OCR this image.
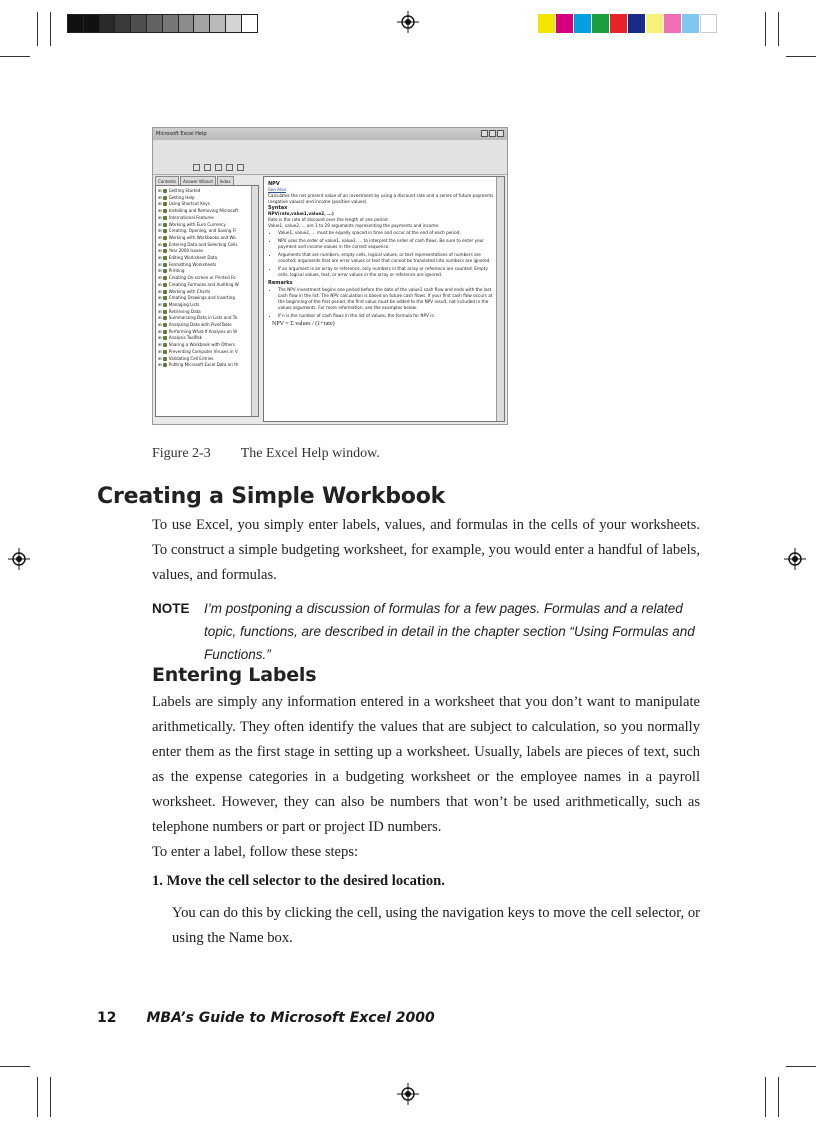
Microsoft Excel Help
Contents	Answer Wizard	Index
⊞ Getting Started
⊞ Getting Help
⊞ Using Shortcut Keys
⊞ Installing and Removing Microsoft
⊞ International Features
⊞ Working with Euro Currency
⊞ Creating, Opening, and Saving Fi
⊞ Working with Workbooks and Wo
⊞ Entering Data and Selecting Cells
⊞ Year 2000 Issues
⊞ Editing Worksheet Data
⊞ Formatting Worksheets
⊞ Printing
⊞ Creating On-screen or Printed Fo
⊞ Creating Formulas and Auditing W
⊞ Working with Charts
⊞ Creating Drawings and Inserting
⊞ Managing Lists
⊞ Retrieving Data
⊞ Summarizing Data in Lists and Ta
⊞ Analyzing Data with PivotTable
⊞ Performing What-If Analysis on W
⊞ Analysis ToolPak
⊞ Sharing a Workbook with Others
⊞ Preventing Computer Viruses in V
⊞ Validating Cell Entries
⊞ Putting Microsoft Excel Data on th
NPV
See Also
Calculates the net present value of an investment by using a discount rate and a series of future payments (negative values) and income (positive values).
Syntax
NPV(rate,value1,value2, ...)
Rate is the rate of discount over the length of one period.
Value1, value2, ... are 1 to 29 arguments representing the payments and income.
• Value1, value2, ... must be equally spaced in time and occur at the end of each period.
• NPV uses the order of value1, value2, ... to interpret the order of cash flows. Be sure to enter your payment and income values in the correct sequence.
• Arguments that are numbers, empty cells, logical values, or text representations of numbers are counted; arguments that are error values or text that cannot be translated into numbers are ignored.
• If an argument is an array or reference, only numbers in that array or reference are counted. Empty cells, logical values, text, or error values in the array or reference are ignored.
Remarks
• The NPV investment begins one period before the date of the value1 cash flow and ends with the last cash flow in the list. The NPV calculation is based on future cash flows. If your first cash flow occurs at the beginning of the first period, the first value must be added to the NPV result, not included in the values arguments. For more information, see the examples below.
• If n is the number of cash flows in the list of values, the formula for NPV is:
NPV = Σ values / (1+rate)
Figure 2-3 The Excel Help window.
Creating a Simple Workbook

To use Excel, you simply enter labels, values, and formulas in the cells of your worksheets. To construct a simple budgeting worksheet, for example, you would enter a handful of labels, values, and formulas.

NOTE I’m postponing a discussion of formulas for a few pages. Formulas and a related topic, functions, are described in detail in the chapter section “Using Formulas and Functions.”
Entering Labels

Labels are simply any information entered in a worksheet that you don’t want to manipulate arithmetically. They often identify the values that are subject to calculation, so you normally enter them as the first stage in setting up a worksheet. Usually, labels are pieces of text, such as the expense categories in a budgeting worksheet or the employee names in a payroll worksheet. However, they can also be numbers that won’t be used arithmetically, such as telephone numbers or part or project ID numbers.

To enter a label, follow these steps:

1. Move the cell selector to the desired location.

You can do this by clicking the cell, using the navigation keys to move the cell selector, or using the Name box.

12 MBA’s Guide to Microsoft Excel 2000
